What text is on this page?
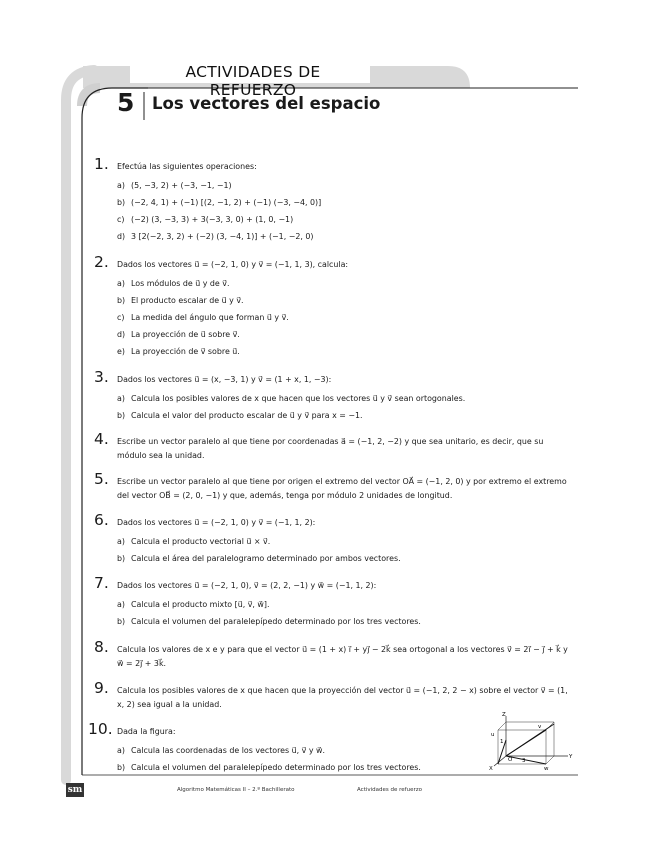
ACTIVIDADES DE REFUERZO
5 Los vectores del espacio
1.	Efectúa las siguientes operaciones:
a) (5, −3, 2) + (−3, −1, −1)
b) (−2, 4, 1) + (−1) [(2, −1, 2) + (−1) (−3, −4, 0)]
c) (−2) (3, −3, 3) + 3(−3, 3, 0) + (1, 0, −1)
d) 3 [2(−2, 3, 2) + (−2) (3, −4, 1)] + (−1, −2, 0)
2.	Dados los vectores u⃗ = (−2, 1, 0) y v⃗ = (−1, 1, 3), calcula:
a) Los módulos de u⃗ y de v⃗.
b) El producto escalar de u⃗ y v⃗.
c) La medida del ángulo que forman u⃗ y v⃗.
d) La proyección de u⃗ sobre v⃗.
e) La proyección de v⃗ sobre u⃗.
3.	Dados los vectores u⃗ = (x, −3, 1) y v⃗ = (1 + x, 1, −3):
a) Calcula los posibles valores de x que hacen que los vectores u⃗ y v⃗ sean ortogonales.
b) Calcula el valor del producto escalar de u⃗ y v⃗ para x = −1.
4.	Escribe un vector paralelo al que tiene por coordenadas a⃗ = (−1, 2, −2) y que sea unitario, es decir, que su módulo sea la unidad.
5.	Escribe un vector paralelo al que tiene por origen el extremo del vector OA⃗ = (−1, 2, 0) y por extremo el extremo del vector OB⃗ = (2, 0, −1) y que, además, tenga por módulo 2 unidades de longitud.
6.	Dados los vectores u⃗ = (−2, 1, 0) y v⃗ = (−1, 1, 2):
a) Calcula el producto vectorial u⃗ × v⃗.
b) Calcula el área del paralelogramo determinado por ambos vectores.
7.	Dados los vectores u⃗ = (−2, 1, 0), v⃗ = (2, 2, −1) y w⃗ = (−1, 1, 2):
a) Calcula el producto mixto [u⃗, v⃗, w⃗].
b) Calcula el volumen del paralelepípedo determinado por los tres vectores.
8.	Calcula los valores de x e y para que el vector u⃗ = (1 + x) i⃗ + yj⃗ − 2k⃗ sea ortogonal a los vectores v⃗ = 2i⃗ − j⃗ + k⃗ y w⃗ = 2j⃗ + 3k⃗.
9.	Calcula los posibles valores de x que hacen que la proyección del vector u⃗ = (−1, 2, 2 − x) sobre el vector v⃗ = (1, x, 2) sea igual a la unidad.
10. Dada la figura:
a) Calcula las coordenadas de los vectores u⃗, v⃗ y w⃗.
b) Calcula el volumen del paralelepípedo determinado por los tres vectores.
Z
Y
X
u
v
w
1
3
O
sm	Algoritmo Matemáticas II – 2.º Bachillerato	Actividades de refuerzo
